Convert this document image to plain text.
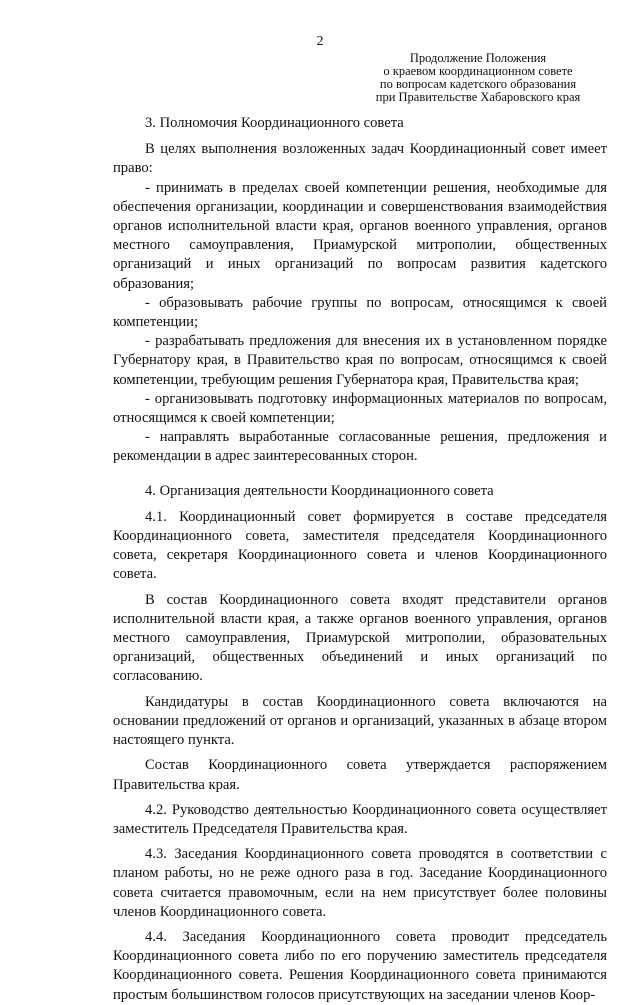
2
Продолжение Положения
о краевом координационном совете
по вопросам кадетского образования
при Правительстве Хабаровского края

3. Полномочия Координационного совета

В целях выполнения возложенных задач Координационный совет имеет право:

- принимать в пределах своей компетенции решения, необходимые для обеспечения организации, координации и совершенствования взаимодействия органов исполнительной власти края, органов военного управления, органов местного самоуправления, Приамурской митрополии, общественных организаций и иных организаций по вопросам развития кадетского образования;

- образовывать рабочие группы по вопросам, относящимся к своей компетенции;

- разрабатывать предложения для внесения их в установленном порядке Губернатору края, в Правительство края по вопросам, относящимся к своей компетенции, требующим решения Губернатора края, Правительства края;

- организовывать подготовку информационных материалов по вопросам, относящимся к своей компетенции;

- направлять выработанные согласованные решения, предложения и рекомендации в адрес заинтересованных сторон.

4. Организация деятельности Координационного совета

4.1. Координационный совет формируется в составе председателя Координационного совета, заместителя председателя Координационного совета, секретаря Координационного совета и членов Координационного совета.

В состав Координационного совета входят представители органов исполнительной власти края, а также органов военного управления, органов местного самоуправления, Приамурской митрополии, образовательных организаций, общественных объединений и иных организаций по согласованию.

Кандидатуры в состав Координационного совета включаются на основании предложений от органов и организаций, указанных в абзаце втором настоящего пункта.

Состав Координационного совета утверждается распоряжением Правительства края.

4.2. Руководство деятельностью Координационного совета осуществляет заместитель Председателя Правительства края.

4.3. Заседания Координационного совета проводятся в соответствии с планом работы, но не реже одного раза в год. Заседание Координационного совета считается правомочным, если на нем присутствует более половины членов Координационного совета.

4.4. Заседания Координационного совета проводит председатель Координационного совета либо по его поручению заместитель председателя Координационного совета. Решения Координационного совета принимаются простым большинством голосов присутствующих на заседании членов Коор-
